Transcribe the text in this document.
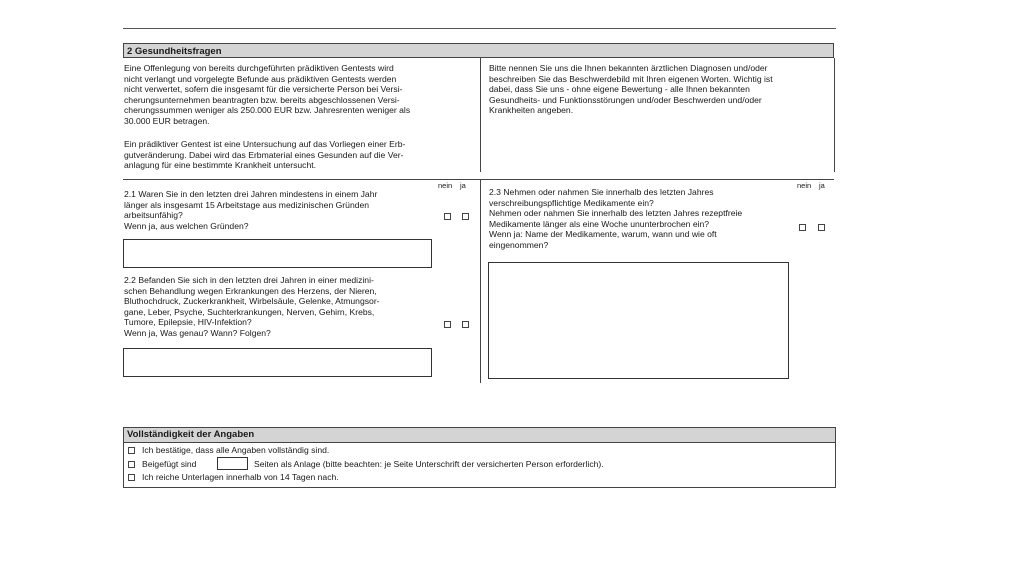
2 Gesundheitsfragen
Eine Offenlegung von bereits durchgeführten prädiktiven Gentests wird
nicht verlangt und vorgelegte Befunde aus prädiktiven Gentests werden
nicht verwertet, sofern die insgesamt für die versicherte Person bei Versi-
cherungsunternehmen beantragten bzw. bereits abgeschlossenen Versi-
cherungssummen weniger als 250.000 EUR bzw. Jahresrenten weniger als
30.000 EUR betragen.
Ein prädiktiver Gentest ist eine Untersuchung auf das Vorliegen einer Erb-
gutveränderung. Dabei wird das Erbmaterial eines Gesunden auf die Ver-
anlagung für eine bestimmte Krankheit untersucht.
Bitte nennen Sie uns die Ihnen bekannten ärztlichen Diagnosen und/oder
beschreiben Sie das Beschwerdebild mit Ihren eigenen Worten. Wichtig ist
dabei, dass Sie uns - ohne eigene Bewertung - alle Ihnen bekannten
Gesundheits- und Funktionsstörungen und/oder Beschwerden und/oder
Krankheiten angeben.
nein ja	nein ja
2.1 Waren Sie in den letzten drei Jahren mindestens in einem Jahr
länger als insgesamt 15 Arbeitstage aus medizinischen Gründen
arbeitsunfähig?
Wenn ja, aus welchen Gründen?
2.2 Befanden Sie sich in den letzten drei Jahren in einer medizini-
schen Behandlung wegen Erkrankungen des Herzens, der Nieren,
Bluthochdruck, Zuckerkrankheit, Wirbelsäule, Gelenke, Atmungsor-
gane, Leber, Psyche, Suchterkrankungen, Nerven, Gehirn, Krebs,
Tumore, Epilepsie, HIV-Infektion?
Wenn ja, Was genau? Wann? Folgen?
2.3 Nehmen oder nahmen Sie innerhalb des letzten Jahres
verschreibungspflichtige Medikamente ein?
Nehmen oder nahmen Sie innerhalb des letzten Jahres rezeptfreie
Medikamente länger als eine Woche ununterbrochen ein?
Wenn ja: Name der Medikamente, warum, wann und wie oft
eingenommen?
Vollständigkeit der Angaben
Ich bestätige, dass alle Angaben vollständig sind.
Beigefügt sind	Seiten als Anlage (bitte beachten: je Seite Unterschrift der versicherten Person erforderlich).
Ich reiche Unterlagen innerhalb von 14 Tagen nach.
